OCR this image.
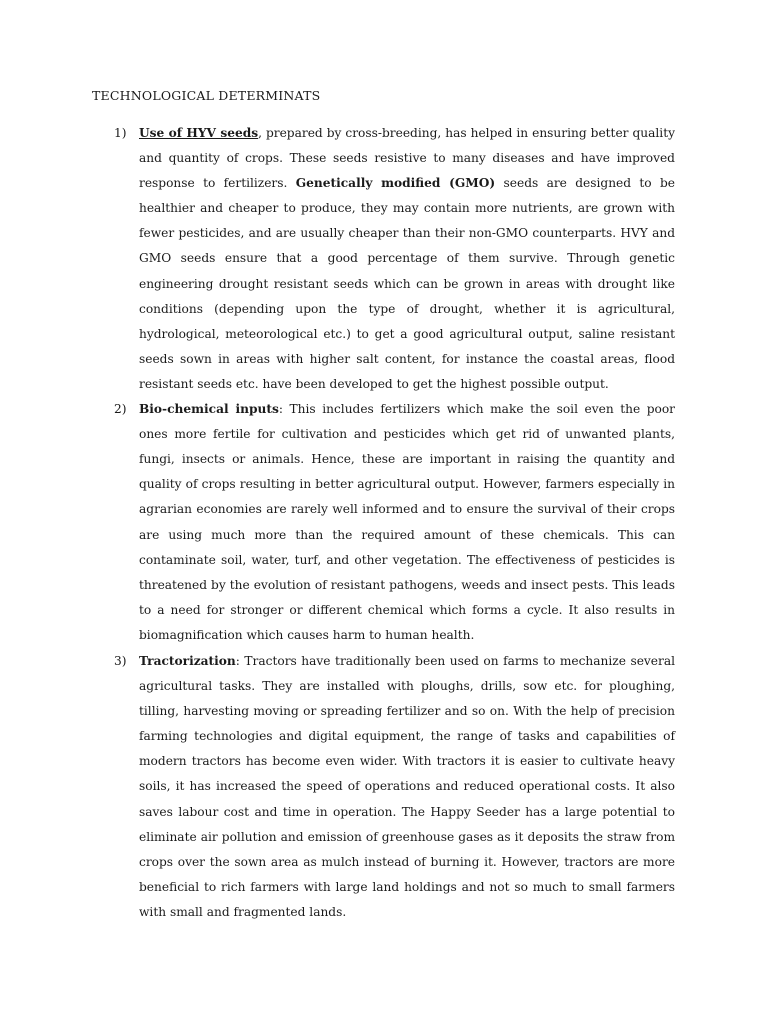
TECHNOLOGICAL DETERMINATS
1)	Use of HYV seeds, prepared by cross-breeding, has helped in ensuring better quality and quantity of crops. These seeds resistive to many diseases and have improved response to fertilizers. Genetically modified (GMO) seeds are designed to be healthier and cheaper to produce, they may contain more nutrients, are grown with fewer pesticides, and are usually cheaper than their non-GMO counterparts. HVY and GMO seeds ensure that a good percentage of them survive. Through genetic engineering drought resistant seeds which can be grown in areas with drought like conditions (depending upon the type of drought, whether it is agricultural, hydrological, meteorological etc.) to get a good agricultural output, saline resistant seeds sown in areas with higher salt content, for instance the coastal areas, flood resistant seeds etc. have been developed to get the highest possible output.
2)	Bio-chemical inputs: This includes fertilizers which make the soil even the poor ones more fertile for cultivation and pesticides which get rid of unwanted plants, fungi, insects or animals. Hence, these are important in raising the quantity and quality of crops resulting in better agricultural output. However, farmers especially in agrarian economies are rarely well informed and to ensure the survival of their crops are using much more than the required amount of these chemicals. This can contaminate soil, water, turf, and other vegetation. The effectiveness of pesticides is threatened by the evolution of resistant pathogens, weeds and insect pests. This leads to a need for stronger or different chemical which forms a cycle. It also results in biomagnification which causes harm to human health.
3)	Tractorization: Tractors have traditionally been used on farms to mechanize several agricultural tasks. They are installed with ploughs, drills, sow etc. for ploughing, tilling, harvesting moving or spreading fertilizer and so on. With the help of precision farming technologies and digital equipment, the range of tasks and capabilities of modern tractors has become even wider. With tractors it is easier to cultivate heavy soils, it has increased the speed of operations and reduced operational costs. It also saves labour cost and time in operation. The Happy Seeder has a large potential to eliminate air pollution and emission of greenhouse gases as it deposits the straw from crops over the sown area as mulch instead of burning it. However, tractors are more beneficial to rich farmers with large land holdings and not so much to small farmers with small and fragmented lands.
